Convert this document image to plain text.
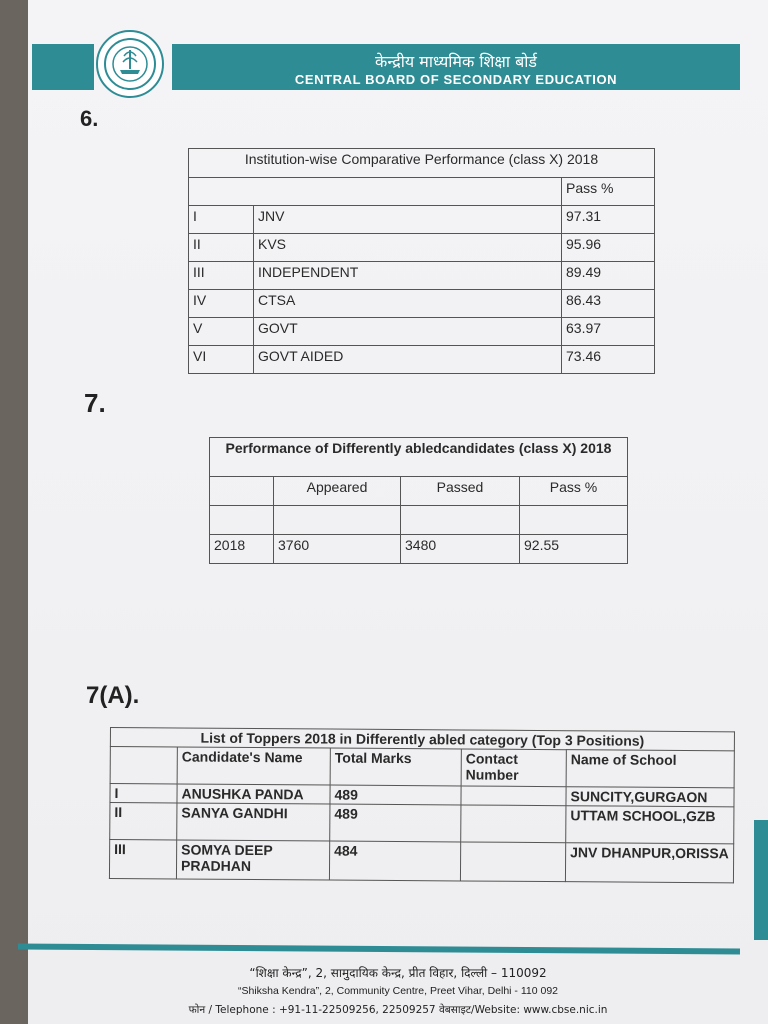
केन्द्रीय माध्यमिक शिक्षा बोर्ड
CENTRAL BOARD OF SECONDARY EDUCATION
6.
Institution-wise Comparative Performance (class X) 2018		
		Pass %
I	JNV	97.31
II	KVS	95.96
III	INDEPENDENT	89.49
IV	CTSA	86.43
V	GOVT	63.97
VI	GOVT AIDED	73.46
7.
Performance of Differently abledcandidates (class X) 2018			
	Appeared	Passed	Pass %

2018	3760	3480	92.55
7(A).
List of Toppers 2018 in Differently abled category (Top 3 Positions)				
	Candidate's Name	Total Marks	Contact Number	Name of School
I	ANUSHKA PANDA	489		SUNCITY,GURGAON
II	SANYA GANDHI	489		UTTAM SCHOOL,GZB
III	SOMYA DEEP PRADHAN	484		JNV DHANPUR,ORISSA
“शिक्षा केन्द्र”, 2, सामुदायिक केन्द्र, प्रीत विहार, दिल्ली – 110092
“Shiksha Kendra”, 2, Community Centre, Preet Vihar, Delhi - 110 092
फोन / Telephone : +91-11-22509256, 22509257 वेबसाइट/Website: www.cbse.nic.in
